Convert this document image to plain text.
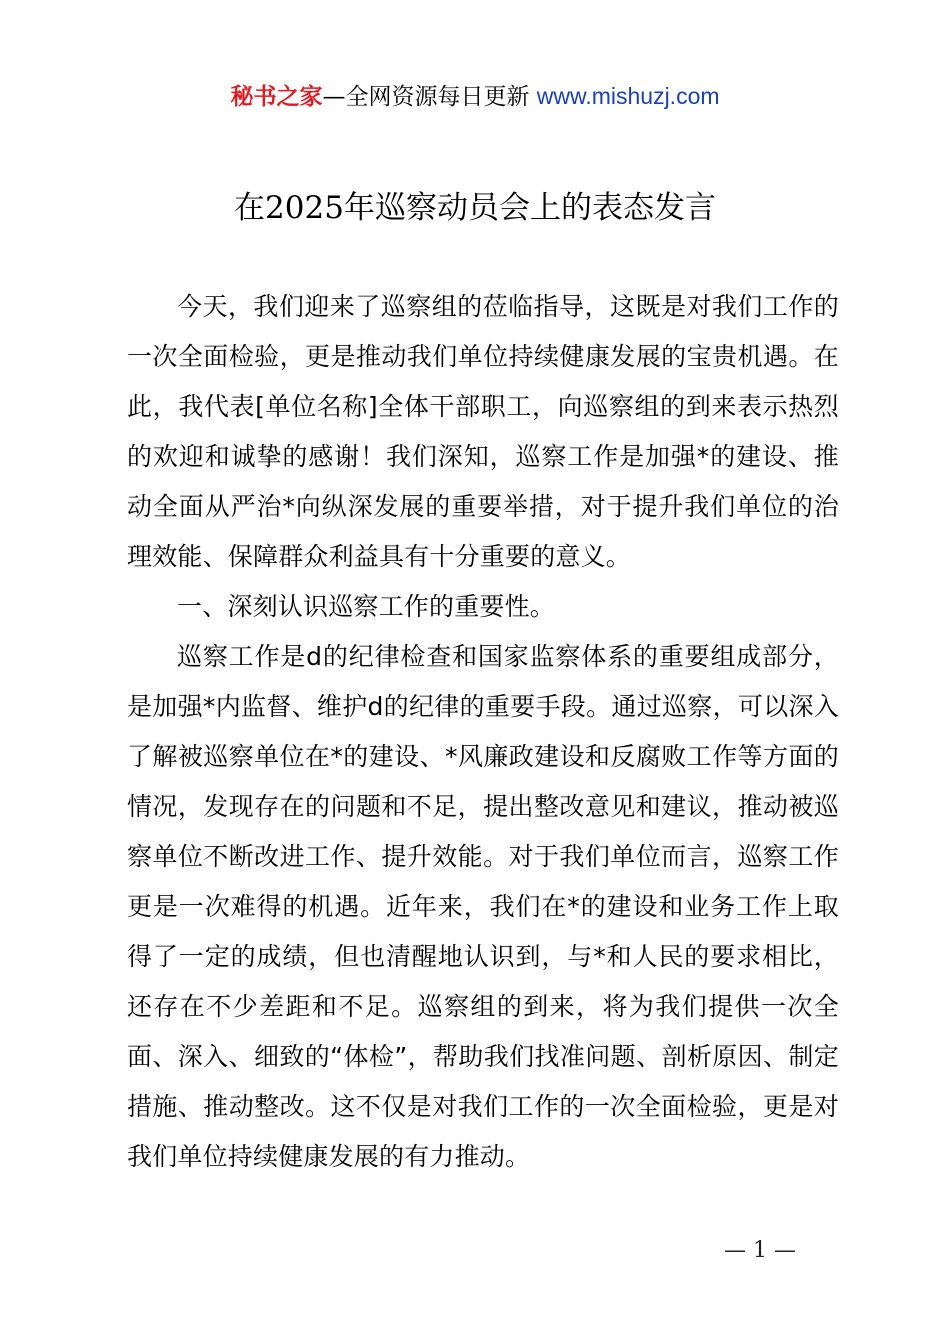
秘书之家—全网资源每日更新 www.mishuzj.com
在2025年巡察动员会上的表态发言

今天，我们迎来了巡察组的莅临指导，这既是对我们工作的一次全面检验，更是推动我们单位持续健康发展的宝贵机遇。在此，我代表[单位名称]全体干部职工，向巡察组的到来表示热烈的欢迎和诚挚的感谢！我们深知，巡察工作是加强*的建设、推动全面从严治*向纵深发展的重要举措，对于提升我们单位的治理效能、保障群众利益具有十分重要的意义。

一、深刻认识巡察工作的重要性。

巡察工作是d的纪律检查和国家监察体系的重要组成部分，是加强*内监督、维护d的纪律的重要手段。通过巡察，可以深入了解被巡察单位在*的建设、*风廉政建设和反腐败工作等方面的情况，发现存在的问题和不足，提出整改意见和建议，推动被巡察单位不断改进工作、提升效能。对于我们单位而言，巡察工作更是一次难得的机遇。近年来，我们在*的建设和业务工作上取得了一定的成绩，但也清醒地认识到，与*和人民的要求相比，还存在不少差距和不足。巡察组的到来，将为我们提供一次全面、深入、细致的“体检”，帮助我们找准问题、剖析原因、制定措施、推动整改。这不仅是对我们工作的一次全面检验，更是对我们单位持续健康发展的有力推动。

— 1 —
